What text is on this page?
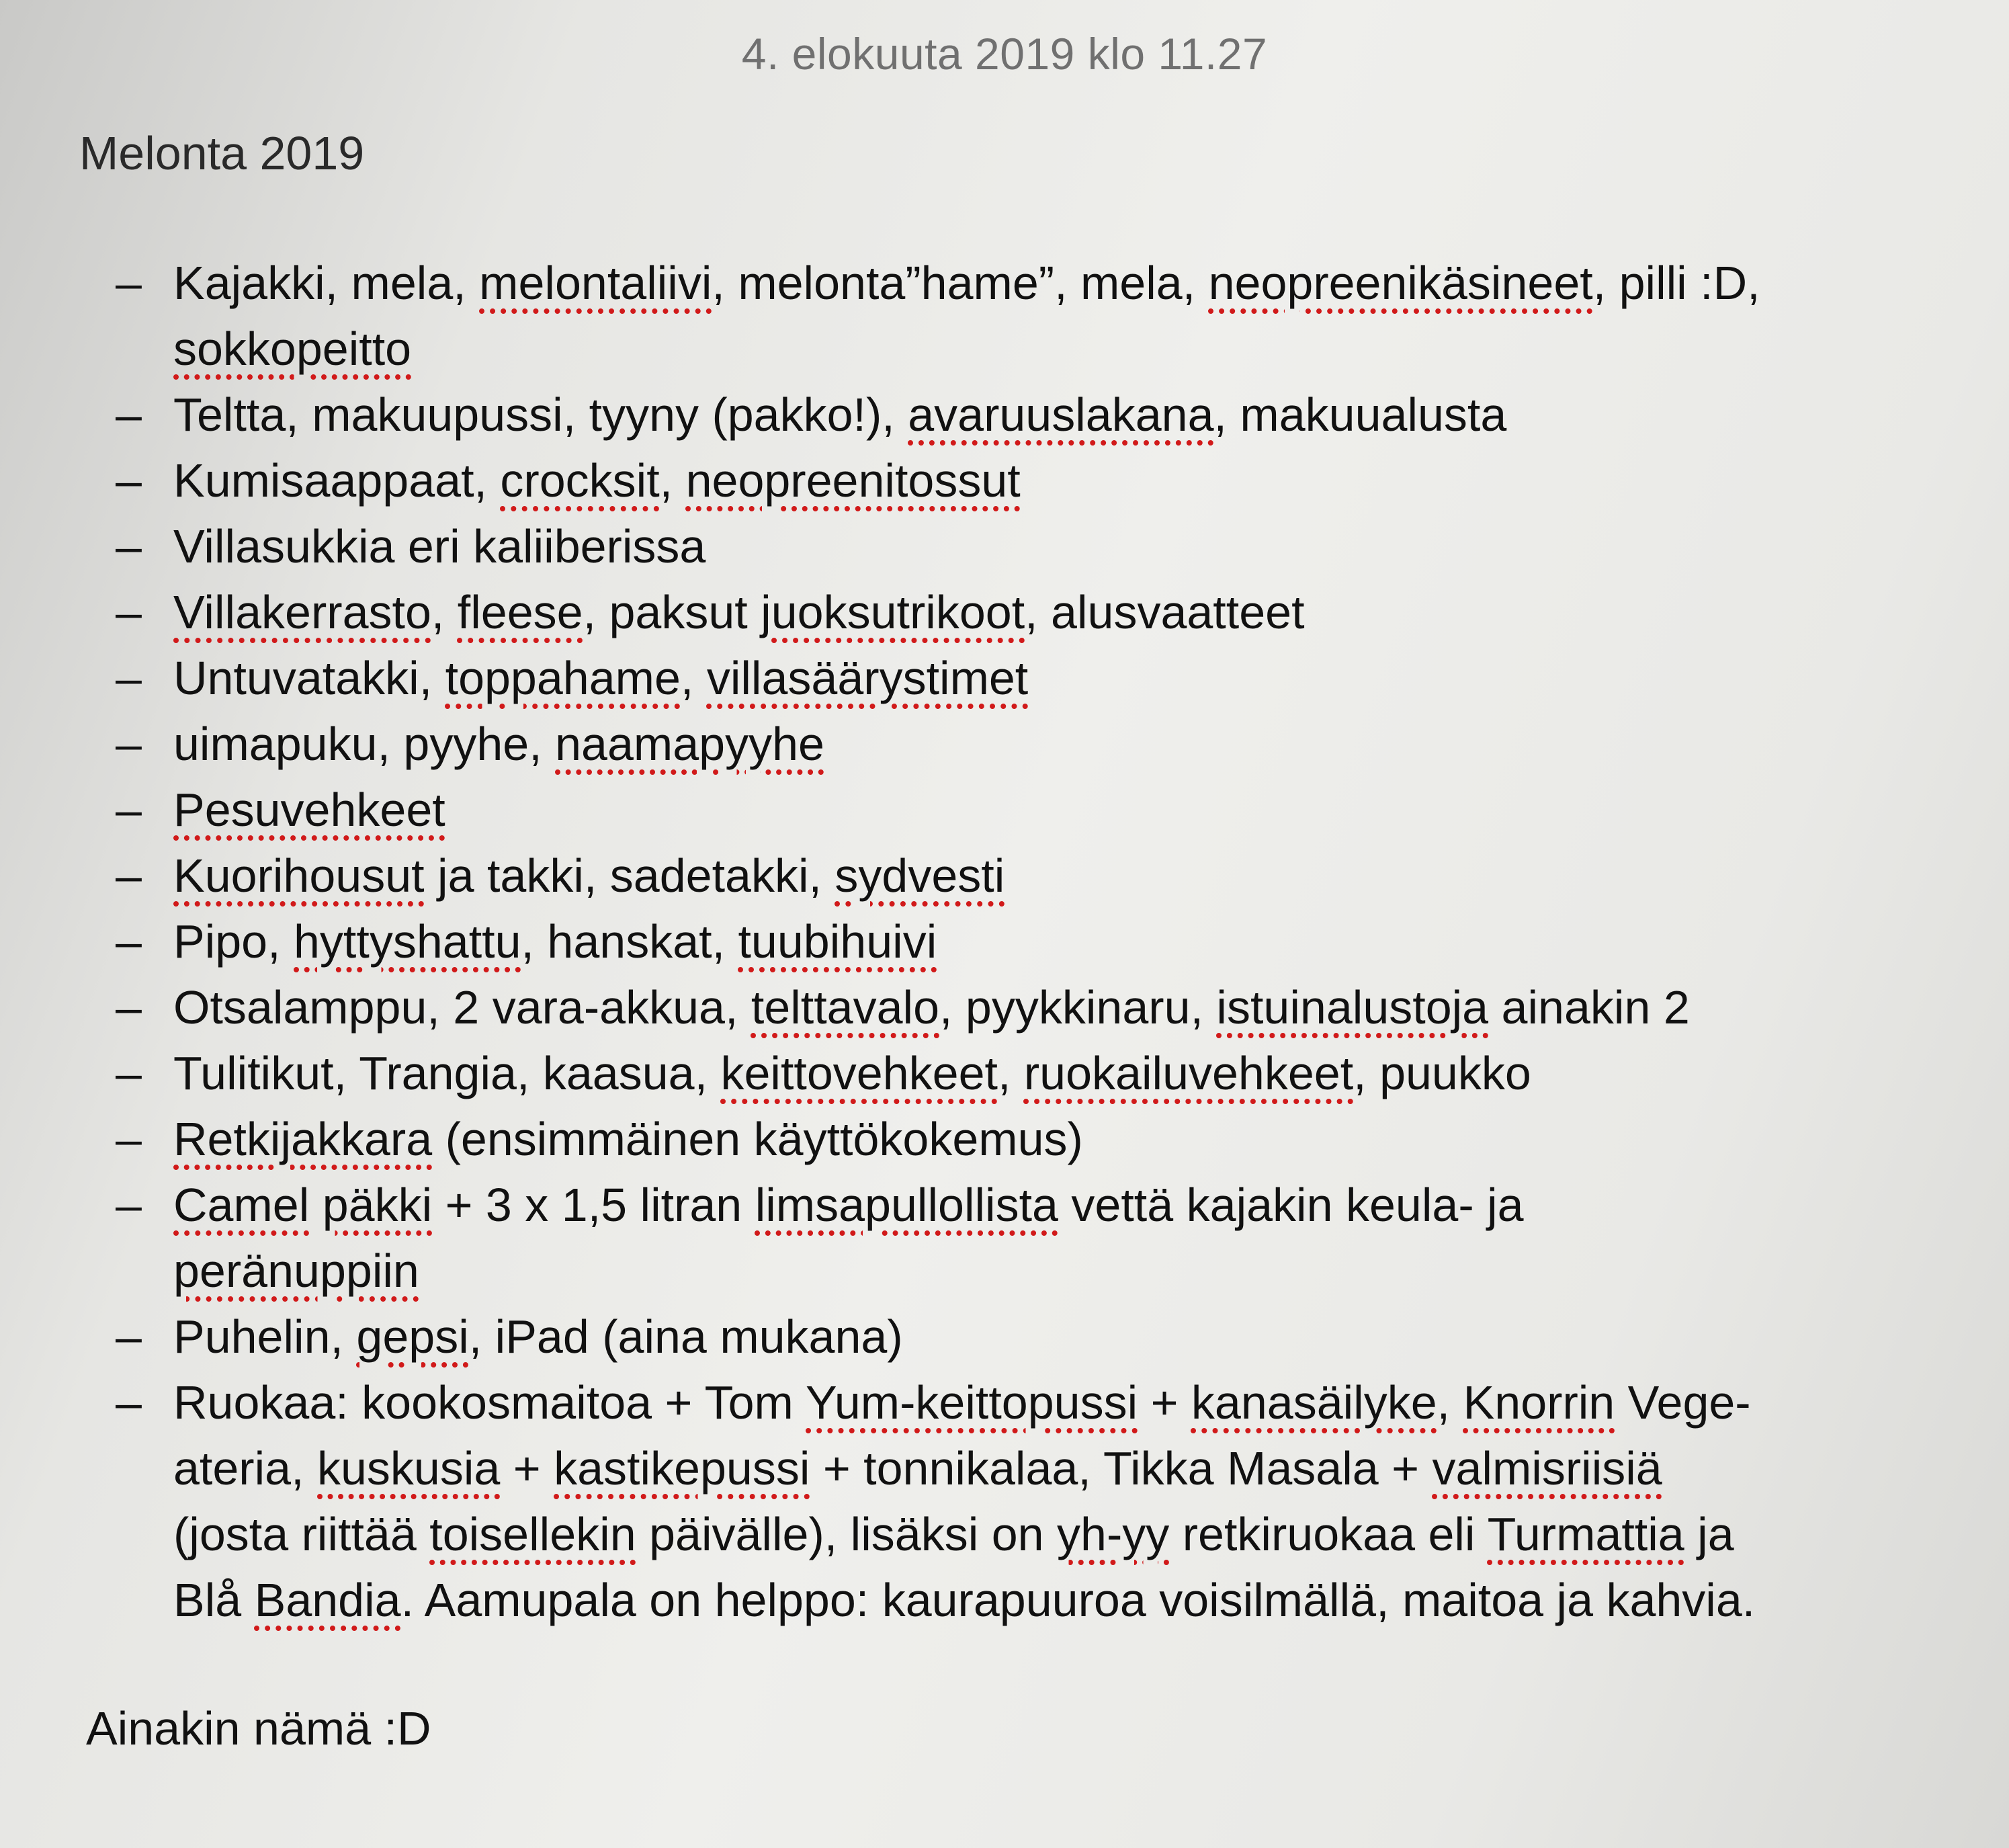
4. elokuuta 2019 klo 11.27
Melonta 2019
– Kajakki, mela, melontaliivi, melonta”hame”, mela, neopreenikäsineet, pilli :D,
sokkopeitto
– Teltta, makuupussi, tyyny (pakko!), avaruuslakana, makuualusta
– Kumisaappaat, crocksit, neopreenitossut
– Villasukkia eri kaliiberissa
– Villakerrasto, fleese, paksut juoksutrikoot, alusvaatteet
– Untuvatakki, toppahame, villasäärystimet
– uimapuku, pyyhe, naamapyyhe
– Pesuvehkeet
– Kuorihousut ja takki, sadetakki, sydvesti
– Pipo, hyttyshattu, hanskat, tuubihuivi
– Otsalamppu, 2 vara-akkua, telttavalo, pyykkinaru, istuinalustoja ainakin 2
– Tulitikut, Trangia, kaasua, keittovehkeet, ruokailuvehkeet, puukko
– Retkijakkara (ensimmäinen käyttökokemus)
– Camel päkki + 3 x 1,5 litran limsapullollista vettä kajakin keula- ja
peränuppiin
– Puhelin, gepsi, iPad (aina mukana)
– Ruokaa: kookosmaitoa + Tom Yum-keittopussi + kanasäilyke, Knorrin Vege-
ateria, kuskusia + kastikepussi + tonnikalaa, Tikka Masala + valmisriisiä
(josta riittää toisellekin päivälle), lisäksi on yh-yy retkiruokaa eli Turmattia ja
Blå Bandia. Aamupala on helppo: kaurapuuroa voisilmällä, maitoa ja kahvia.
Ainakin nämä :D
